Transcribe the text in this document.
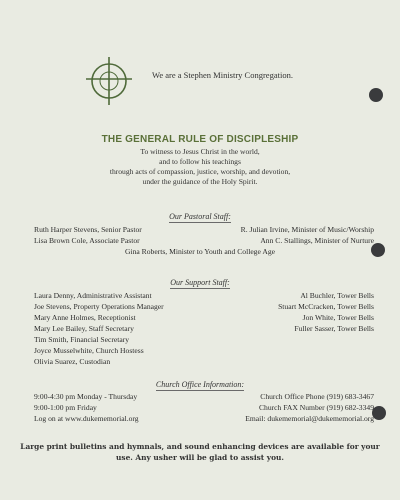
We are a Stephen Ministry Congregation.
THE GENERAL RULE OF DISCIPLESHIP
To witness to Jesus Christ in the world,
and to follow his teachings
through acts of compassion, justice, worship, and devotion,
under the guidance of the Holy Spirit.
Our Pastoral Staff:
Ruth Harper Stevens, Senior Pastor
Lisa Brown Cole, Associate Pastor
R. Julian Irvine, Minister of Music/Worship
Ann C. Stallings, Minister of Nurture
Gina Roberts, Minister to Youth and College Age
Our Support Staff:
Laura Denny, Administrative Assistant
Joe Stevens, Property Operations Manager
Mary Anne Holmes, Receptionist
Mary Lee Bailey, Staff Secretary
Tim Smith, Financial Secretary
Joyce Musselwhite, Church Hostess
Olivia Suarez, Custodian
Al Buchler, Tower Bells
Stuart McCracken, Tower Bells
Jon White, Tower Bells
Fuller Sasser, Tower Bells
Church Office Information:
9:00-4:30 pm Monday - Thursday
9:00-1:00 pm Friday
Log on at www.dukememorial.org
Church Office Phone (919) 683-3467
Church FAX Number (919) 682-3349
Email: dukememorial@dukememorial.org
Large print bulletins and hymnals, and sound enhancing devices are available for your use. Any usher will be glad to assist you.
